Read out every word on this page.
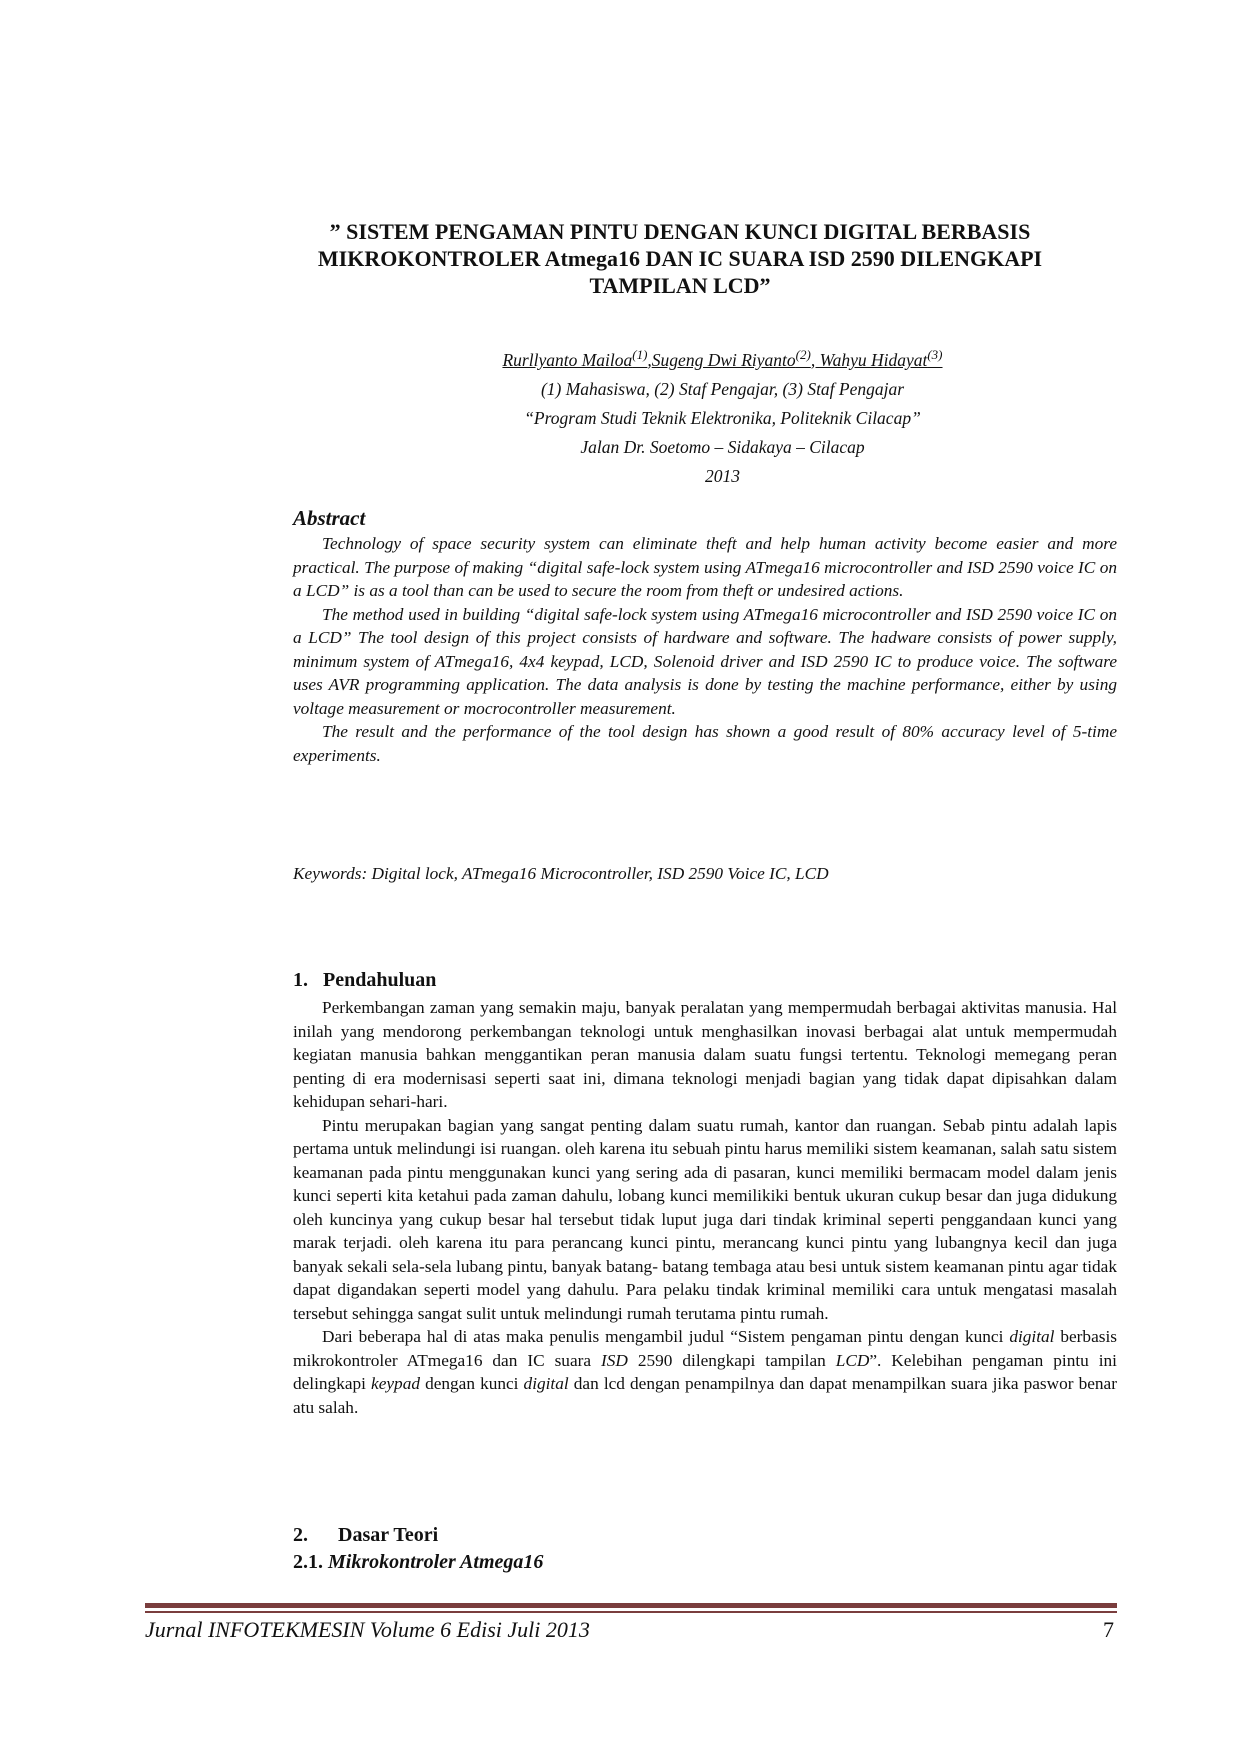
” SISTEM PENGAMAN PINTU DENGAN KUNCI DIGITAL BERBASIS
MIKROKONTROLER Atmega16 DAN IC SUARA ISD 2590 DILENGKAPI
TAMPILAN LCD”
Rurllyanto Mailoa$^{(1)}$,Sugeng Dwi Riyanto$^{(2)}$, Wahyu Hidayat$^{(3)}$
(1) Mahasiswa, (2) Staf Pengajar, (3) Staf Pengajar
“Program Studi Teknik Elektronika, Politeknik Cilacap”
Jalan Dr. Soetomo – Sidakaya – Cilacap
2013
Abstract

Technology of space security system can eliminate theft and help human activity become easier and more practical. The purpose of making “digital safe-lock system using ATmega16 microcontroller and ISD 2590 voice IC on a LCD” is as a tool than can be used to secure the room from theft or undesired actions.

The method used in building “digital safe-lock system using ATmega16 microcontroller and ISD 2590 voice IC on a LCD” The tool design of this project consists of hardware and software. The hadware consists of power supply, minimum system of ATmega16, 4x4 keypad, LCD, Solenoid driver and ISD 2590 IC to produce voice. The software uses AVR programming application. The data analysis is done by testing the machine performance, either by using voltage measurement or mocrocontroller measurement.

The result and the performance of the tool design has shown a good result of 80% accuracy level of 5-time experiments.

Keywords: Digital lock, ATmega16 Microcontroller, ISD 2590 Voice IC, LCD
1. Pendahuluan

Perkembangan zaman yang semakin maju, banyak peralatan yang mempermudah berbagai aktivitas manusia. Hal inilah yang mendorong perkembangan teknologi untuk menghasilkan inovasi berbagai alat untuk mempermudah kegiatan manusia bahkan menggantikan peran manusia dalam suatu fungsi tertentu. Teknologi memegang peran penting di era modernisasi seperti saat ini, dimana teknologi menjadi bagian yang tidak dapat dipisahkan dalam kehidupan sehari-hari.

Pintu merupakan bagian yang sangat penting dalam suatu rumah, kantor dan ruangan. Sebab pintu adalah lapis pertama untuk melindungi isi ruangan. oleh karena itu sebuah pintu harus memiliki sistem keamanan, salah satu sistem keamanan pada pintu menggunakan kunci yang sering ada di pasaran, kunci memiliki bermacam model dalam jenis kunci seperti kita ketahui pada zaman dahulu, lobang kunci memilikiki bentuk ukuran cukup besar dan juga didukung oleh kuncinya yang cukup besar hal tersebut tidak luput juga dari tindak kriminal seperti penggandaan kunci yang marak terjadi. oleh karena itu para perancang kunci pintu, merancang kunci pintu yang lubangnya kecil dan juga banyak sekali sela-sela lubang pintu, banyak batang- batang tembaga atau besi untuk sistem keamanan pintu agar tidak dapat digandakan seperti model yang dahulu. Para pelaku tindak kriminal memiliki cara untuk mengatasi masalah tersebut sehingga sangat sulit untuk melindungi rumah terutama pintu rumah.

Dari beberapa hal di atas maka penulis mengambil judul “Sistem pengaman pintu dengan kunci digital berbasis mikrokontroler ATmega16 dan IC suara ISD 2590 dilengkapi tampilan LCD”. Kelebihan pengaman pintu ini delingkapi keypad dengan kunci digital dan lcd dengan penampilnya dan dapat menampilkan suara jika paswor benar atu salah.

2. Dasar Teori
2.1. Mikrokontroler Atmega16
Jurnal INFOTEKMESIN Volume 6 Edisi Juli 2013	7
